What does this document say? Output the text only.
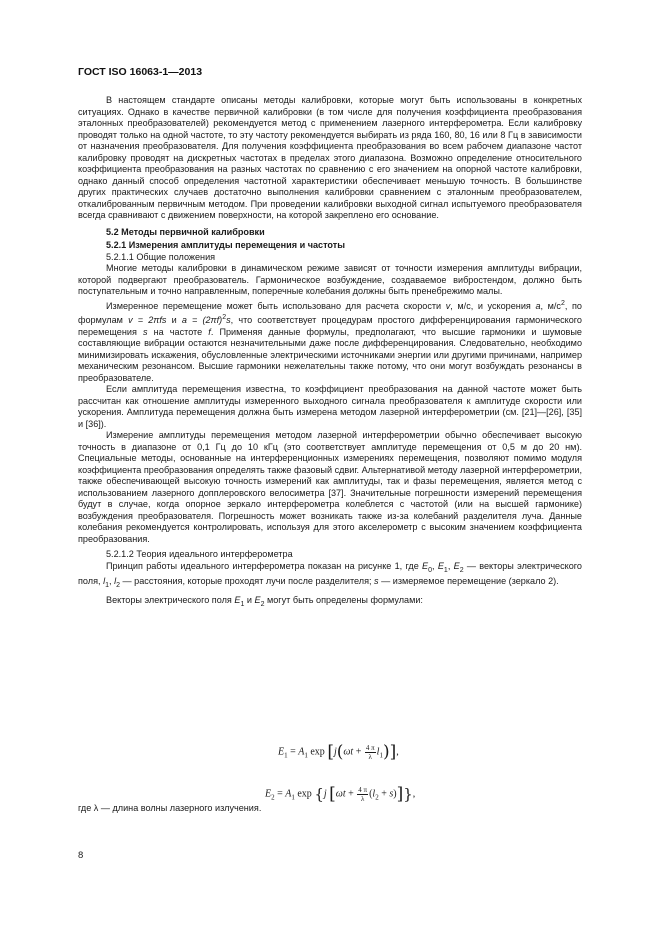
ГОСТ ISO 16063-1—2013

В настоящем стандарте описаны методы калибровки, которые могут быть использованы в конкретных ситуациях. Однако в качестве первичной калибровки (в том числе для получения коэффициента преобразования эталонных преобразователей) рекомендуется метод с применением лазерного интерферометра. Если калибровку проводят только на одной частоте, то эту частоту рекомендуется выбирать из ряда 160, 80, 16 или 8 Гц в зависимости от назначения преобразователя. Для получения коэффициента преобразования во всем рабочем диапазоне частот калибровку проводят на дискретных частотах в пределах этого диапазона. Возможно определение относительного коэффициента преобразования на разных частотах по сравнению с его значением на опорной частоте калибровки, однако данный способ определения частотной характеристики обеспечивает меньшую точность. В большинстве других практических случаев достаточно выполнения калибровки сравнением с эталонным преобразователем, откалиброванным первичным методом. При проведении калибровки выходной сигнал испытуемого преобразователя всегда сравнивают с движением поверхности, на которой закреплено его основание.

5.2 Методы первичной калибровки

5.2.1 Измерения амплитуды перемещения и частоты

5.2.1.1 Общие положения

Многие методы калибровки в динамическом режиме зависят от точности измерения амплитуды вибрации, которой подвергают преобразователь. Гармоническое возбуждение, создаваемое вибростендом, должно быть поступательным и точно направленным, поперечные колебания должны быть пренебрежимо малы.

Измеренное перемещение может быть использовано для расчета скорости v, м/с, и ускорения a, $м/с^2$, по формулам v = 2πfs и $a = (2\pi f)^2s$, что соответствует процедурам простого дифференцирования гармонического перемещения s на частоте f. Применяя данные формулы, предполагают, что высшие гармоники и шумовые составляющие вибрации остаются незначительными даже после дифференцирования. Следовательно, необходимо минимизировать искажения, обусловленные электрическими источниками энергии или другими причинами, например механическим резонансом. Высшие гармоники нежелательны также потому, что они могут возбуждать резонансы в преобразователе.

Если амплитуда перемещения известна, то коэффициент преобразования на данной частоте может быть рассчитан как отношение амплитуды измеренного выходного сигнала преобразователя к амплитуде скорости или ускорения. Амплитуда перемещения должна быть измерена методом лазерной интерферометрии (см. [21]—[26], [35] и [36]).

Измерение амплитуды перемещения методом лазерной интерферометрии обычно обеспечивает высокую точность в диапазоне от 0,1 Гц до 10 кГц (это соответствует амплитуде перемещения от 0,5 м до 20 нм). Специальные методы, основанные на интерференционных измерениях перемещения, позволяют помимо модуля коэффициента преобразования определять также фазовый сдвиг. Альтернативой методу лазерной интерферометрии, также обеспечивающей высокую точность измерений как амплитуды, так и фазы перемещения, является метод с использованием лазерного допплеровского велосиметра [37]. Значительные погрешности измерений перемещения будут в случае, когда опорное зеркало интерферометра колеблется с частотой (или на высшей гармонике) возбуждения преобразователя. Погрешность может возникать также из-за колебаний разделителя луча. Данные колебания рекомендуется контролировать, используя для этого акселерометр с высоким значением коэффициента преобразования.

5.2.1.2 Теория идеального интерферометра

Принцип работы идеального интерферометра показан на рисунке 1, где $E_0$, $E_1$, $E_2$ — векторы электрического поля, $l_1$, $l_2$ — расстояния, которые проходят лучи после разделителя; s — измеряемое перемещение (зеркало 2).

Векторы электрического поля $E_1$ и $E_2$ могут быть определены формулами:

$E_1 = A_1$ $\exp [j(\omega t + \frac{4 \pi}{\lambda} l_1)]$,
$E_2 = A_1$ exp {j $[\omega t + \frac{4 \pi}{\lambda} (l_2 + s)]$},
где λ — длина волны лазерного излучения.
8
